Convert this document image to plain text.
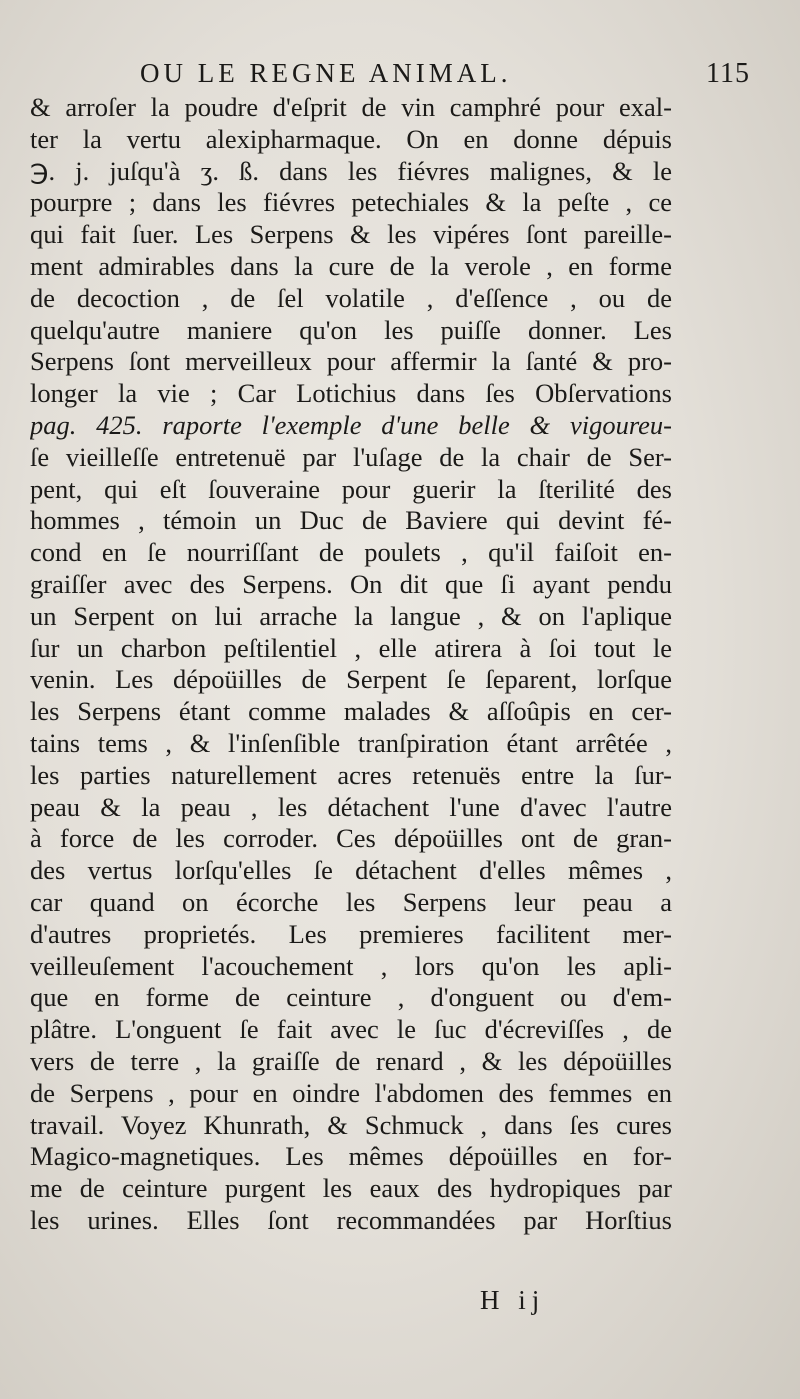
OU LE REGNE ANIMAL.	115
& arroſer la poudre d'eſprit de vin camphré pour exal-
ter la vertu alexipharmaque. On en donne dépuis
℈. j. juſqu'à ʒ. ß. dans les fiévres malignes, & le
pourpre ; dans les fiévres petechiales & la peſte , ce
qui fait ſuer. Les Serpens & les vipéres ſont pareille-
ment admirables dans la cure de la verole , en forme
de decoction , de ſel volatile , d'eſſence , ou de
quelqu'autre maniere qu'on les puiſſe donner. Les
Serpens ſont merveilleux pour affermir la ſanté & pro-
longer la vie ; Car Lotichius dans ſes Obſervations
pag. 425. raporte l'exemple d'une belle & vigoureu-
ſe vieilleſſe entretenuë par l'uſage de la chair de Ser-
pent, qui eſt ſouveraine pour guerir la ſterilité des
hommes , témoin un Duc de Baviere qui devint fé-
cond en ſe nourriſſant de poulets , qu'il faiſoit en-
graiſſer avec des Serpens. On dit que ſi ayant pendu
un Serpent on lui arrache la langue , & on l'aplique
ſur un charbon peſtilentiel , elle atirera à ſoi tout le
venin. Les dépoüilles de Serpent ſe ſeparent, lorſque
les Serpens étant comme malades & aſſoûpis en cer-
tains tems , & l'inſenſible tranſpiration étant arrêtée ,
les parties naturellement acres retenuës entre la ſur-
peau & la peau , les détachent l'une d'avec l'autre
à force de les corroder. Ces dépoüilles ont de gran-
des vertus lorſqu'elles ſe détachent d'elles mêmes ,
car quand on écorche les Serpens leur peau a
d'autres proprietés. Les premieres facilitent mer-
veilleuſement l'acouchement , lors qu'on les apli-
que en forme de ceinture , d'onguent ou d'em-
plâtre. L'onguent ſe fait avec le ſuc d'écreviſſes , de
vers de terre , la graiſſe de renard , & les dépoüilles
de Serpens , pour en oindre l'abdomen des femmes en
travail. Voyez Khunrath, & Schmuck , dans ſes cures
Magico-magnetiques. Les mêmes dépoüilles en for-
me de ceinture purgent les eaux des hydropiques par
les urines. Elles ſont recommandées par Horſtius
H ij
